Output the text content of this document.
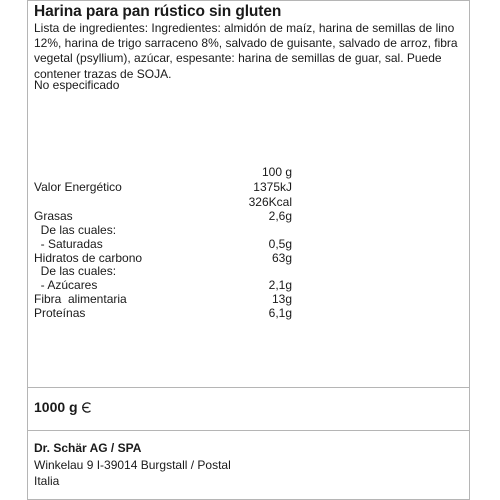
Harina para pan rústico sin gluten
Lista de ingredientes: Ingredientes: almidón de maíz, harina de semillas de lino 12%, harina de trigo sarraceno 8%, salvado de guisante, salvado de arroz, fibra vegetal (psyllium), azúcar, espesante: harina de semillas de guar, sal. Puede contener trazas de SOJA.
No especificado
100 g
Valor Energético	1375kJ
326Kcal
Grasas	2,6g
De las cuales:
- Saturadas	0,5g
Hidratos de carbono	63g
De las cuales:
- Azúcares	2,1g
Fibra  alimentaria	13g
Proteínas	6,1g
1000 g
Dr. Schär AG / SPA
Winkelau 9 I-39014 Burgstall / Postal
Italia
